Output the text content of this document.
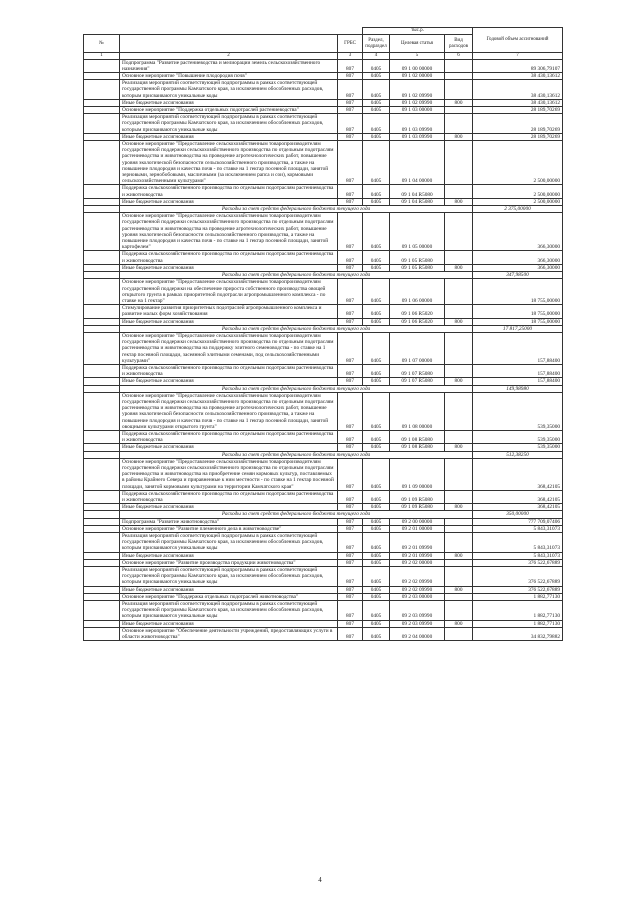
			тыс.р.			Годовой объем ассигнований
№		ГРБС	Раздел, подраздел	Целевая статья	Вид расходов	
1	2	3	4	5	6	7
	Подпрограмма "Развитие растениеводства и мелиорации земель сельскохозяйственного назначения"	807	0405	09 1 00 00000		89 306,79107
	Основное мероприятие "Повышение плодородия почв"	807	0405	09 1 02 00000		38 430,13612
	Реализация мероприятий соответствующей подпрограммы в рамках соответствующей государственной программы Камчатского края, за исключением обособленных расходов, которым присваиваются уникальные коды	807	0405	09 1 02 09990		38 430,13612
	Иные бюджетные ассигнования	807	0405	09 1 02 09990	800	38 430,13612
	Основное мероприятие "Поддержка отдельных подотраслей растениеводства"	807	0405	09 1 03 00000		28 189,70269
	Реализация мероприятий соответствующей подпрограммы в рамках соответствующей государственной программы Камчатского края, за исключением обособленных расходов, которым присваиваются уникальные коды	807	0405	09 1 03 09990		28 189,70269
	Иные бюджетные ассигнования	807	0405	09 1 03 09990	800	28 189,70269
	Основное мероприятие "Предоставление сельскохозяйственным товаропроизводителям государственной поддержки сельскохозяйственного производства по отдельным подотраслям растениеводства и животноводства на проведение агротехнологических работ, повышение уровня экологической безопасности сельскохозяйственного производства, а также на повышение плодородия и качества почв - по ставке на 1 гектар посевной площади, занятой зерновыми, зернобобовыми, масличными (за исключением рапса и сои), кормовыми сельскохозяйственными культурами"	807	0405	09 1 04 00000		2 500,00000
	Поддержка сельскохозяйственного производства по отдельным подотраслям растениеводства и животноводства	807	0405	09 1 04 R5080		2 500,00000
	Иные бюджетные ассигнования	807	0405	09 1 04 R5080	800	2 500,00000
	Расходы за счет средств федерального бюджета текущего года					2 375,00000
	Основное мероприятие "Предоставление сельскохозяйственным товаропроизводителям государственной поддержки сельскохозяйственного производства по отдельным подотраслям растениеводства и животноводства на проведение агротехнологических работ, повышение уровня экологической безопасности сельскохозяйственного производства, а также на повышение плодородия и качества почв - по ставке на 1 гектар посевной площади, занятой картофелем"	807	0405	09 1 05 00000		366,30000
	Поддержка сельскохозяйственного производства по отдельным подотраслям растениеводства и животноводства	807	0405	09 1 05 R5080		366,30000
	Иные бюджетные ассигнования	807	0405	09 1 05 R5080	800	366,30000
	Расходы за счет средств федерального бюджета текущего года					347,98500
	Основное мероприятие "Предоставление сельскохозяйственным товаропроизводителям государственной поддержки на обеспечение прироста собственного производства овощей открытого грунта в рамках приоритетной подотрасли агропромышленного комплекса - по ставке на 1 гектар"	807	0405	09 1 06 00000		18 755,00000
	Стимулирование развития приоритетных подотраслей агропромышленного комплекса и развитие малых форм хозяйствования	807	0405	09 1 06 R5020		18 755,00000
	Иные бюджетные ассигнования	807	0405	09 1 06 R5020	800	18 755,00000
	Расходы за счет средств федерального бюджета текущего года					17 817,25000
	Основное мероприятие "Предоставление сельскохозяйственным товаропроизводителям государственной поддержки сельскохозяйственного производства по отдельным подотраслям растениеводства и животноводства на поддержку элитного семеноводства - по ставке на 1 гектар посевной площади, засеянной элитными семенами, под сельскохозяйственными культурами"	807	0405	09 1 07 00000		157,88400
	Поддержка сельскохозяйственного производства по отдельным подотраслям растениеводства и животноводства	807	0405	09 1 07 R5080		157,88400
	Иные бюджетные ассигнования	807	0405	09 1 07 R5080	800	157,88400
	Расходы за счет средств федерального бюджета текущего года					149,98980
	Основное мероприятие "Предоставление сельскохозяйственным товаропроизводителям государственной поддержки сельскохозяйственного производства по отдельным подотраслям растениеводства и животноводства на проведение агротехнологических работ, повышение уровня экологической безопасности сельскохозяйственного производства, а также на повышение плодородия и качества почв - по ставке на 1 гектар посевной площади, занятой овощными культурами открытого грунта"	807	0405	09 1 08 00000		539,35000
	Поддержка сельскохозяйственного производства по отдельным подотраслям растениеводства и животноводства	807	0405	09 1 08 R5080		539,35000
	Иные бюджетные ассигнования	807	0405	09 1 08 R5080	800	539,35000
	Расходы за счет средств федерального бюджета текущего года					512,38250
	Основное мероприятие "Предоставление сельскохозяйственным товаропроизводителям государственной поддержки сельскохозяйственного производства по отдельным подотраслям растениеводства и животноводства на приобретение семян кормовых культур, поставляемых в районы Крайнего Севера и приравненные к ним местности - по ставке на 1 гектар посевной площади, занятой кормовыми культурами на территории Камчатского края"	807	0405	09 1 09 00000		368,42105
	Поддержка сельскохозяйственного производства по отдельным подотраслям растениеводства и животноводства	807	0405	09 1 09 R5080		368,42105
	Иные бюджетные ассигнования	807	0405	09 1 09 R5080	800	368,42105
	Расходы за счет средств федерального бюджета текущего года					350,00000
	Подпрограмма "Развитие животноводства"	807	0405	09 2 00 00000		777 709,07406
	Основное мероприятие "Развитие племенного дела в животноводстве"	807	0405	09 2 01 00000		5 843,31073
	Реализация мероприятий соответствующей подпрограммы в рамках соответствующей государственной программы Камчатского края, за исключением обособленных расходов, которым присваиваются уникальные коды	807	0405	09 2 01 09990		5 843,31073
	Иные бюджетные ассигнования	807	0405	09 2 01 09990	800	5 843,31073
	Основное мероприятие "Развитие производства продукции животноводства"	807	0405	09 2 02 00000		376 522,67889
	Реализация мероприятий соответствующей подпрограммы в рамках соответствующей государственной программы Камчатского края, за исключением обособленных расходов, которым присваиваются уникальные коды	807	0405	09 2 02 09990		376 522,67889
	Иные бюджетные ассигнования	807	0405	09 2 02 09990	800	376 522,67889
	Основное мероприятие "Поддержка отдельных подотраслей животноводства"	807	0405	09 2 03 00000		1 882,77130
	Реализация мероприятий соответствующей подпрограммы в рамках соответствующей государственной программы Камчатского края, за исключением обособленных расходов, которым присваиваются уникальные коды	807	0405	09 2 03 09990		1 882,77130
	Иные бюджетные ассигнования	807	0405	09 2 03 09990	800	1 882,77130
	Основное мероприятие "Обеспечение деятельности учреждений, предоставляющих услуги в области животноводства"	807	0405	09 2 04 00000		34 832,79882
4
